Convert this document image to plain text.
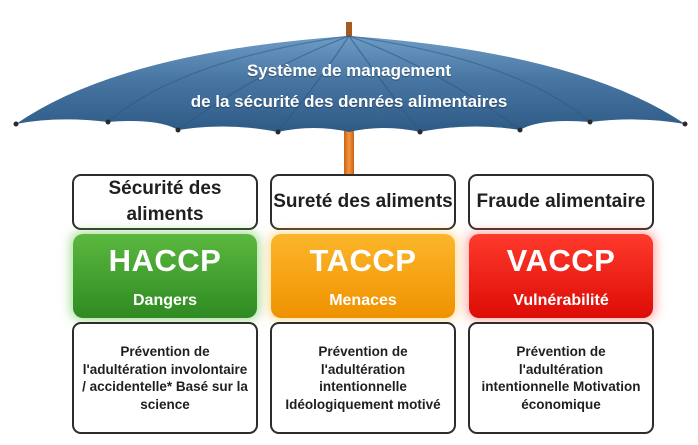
Système de management
de la sécurité des denrées alimentaires
Sécurité des aliments
HACCP
Dangers
Prévention de l'adultération involontaire / accidentelle* Basé sur la science
Sureté des aliments
TACCP
Menaces
Prévention de l'adultération intentionnelle Idéologiquement motivé
Fraude alimentaire
VACCP
Vulnérabilité
Prévention de l'adultération intentionnelle Motivation économique
